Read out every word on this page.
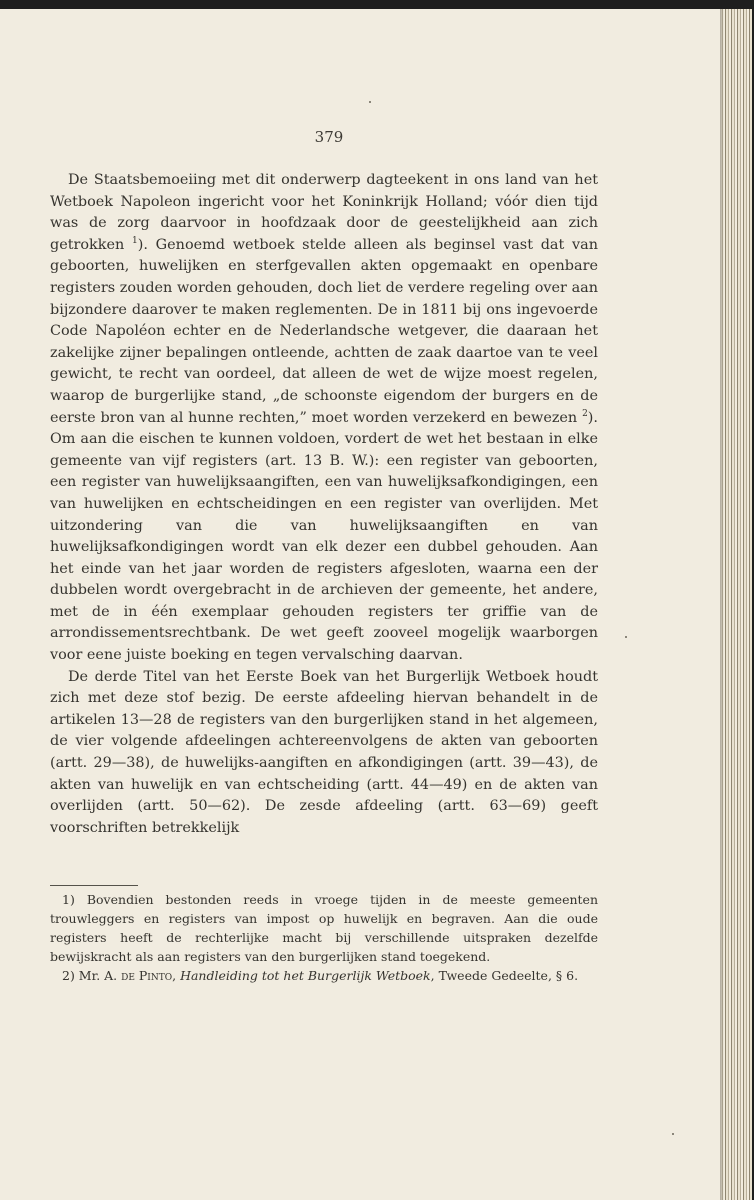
379

De Staatsbemoeiing met dit onderwerp dagteekent in ons land van het Wetboek Napoleon ingericht voor het Koninkrijk Holland; vóór dien tijd was de zorg daarvoor in hoofdzaak door de geestelijkheid aan zich getrokken $^1$). Genoemd wetboek stelde alleen als beginsel vast dat van geboorten, huwelijken en sterfgevallen akten opgemaakt en openbare registers zouden worden gehouden, doch liet de verdere regeling over aan bijzondere daarover te maken reglementen. De in 1811 bij ons ingevoerde Code Napoléon echter en de Nederlandsche wetgever, die daaraan het zakelijke zijner bepalingen ontleende, achtten de zaak daartoe van te veel gewicht, te recht van oordeel, dat alleen de wet de wijze moest regelen, waarop de burgerlijke stand, „de schoonste eigendom der burgers en de eerste bron van al hunne rechten,” moet worden verzekerd en bewezen $^2$). Om aan die eischen te kunnen voldoen, vordert de wet het bestaan in elke gemeente van vijf registers (art. 13 B. W.): een register van geboorten, een register van huwelijksaangiften, een van huwelijksafkondigingen, een van huwelijken en echtscheidingen en een register van overlijden. Met uitzondering van die van huwelijksaangiften en van huwelijksafkondigingen wordt van elk dezer een dubbel gehouden. Aan het einde van het jaar worden de registers afgesloten, waarna een der dubbelen wordt overgebracht in de archieven der gemeente, het andere, met de in één exemplaar gehouden registers ter griffie van de arrondissementsrechtbank. De wet geeft zooveel mogelijk waarborgen voor eene juiste boeking en tegen vervalsching daarvan.

De derde Titel van het Eerste Boek van het Burgerlijk Wetboek houdt zich met deze stof bezig. De eerste afdeeling hiervan behandelt in de artikelen 13—28 de registers van den burgerlijken stand in het algemeen, de vier volgende afdeelingen achtereenvolgens de akten van geboorten (artt. 29—38), de huwelijks-aangiften en afkondigingen (artt. 39—43), de akten van huwelijk en van echtscheiding (artt. 44—49) en de akten van overlijden (artt. 50—62). De zesde afdeeling (artt. 63—69) geeft voorschriften betrekkelijk

1) Bovendien bestonden reeds in vroege tijden in de meeste gemeenten trouwleggers en registers van impost op huwelijk en begraven. Aan die oude registers heeft de rechterlijke macht bij verschillende uitspraken dezelfde bewijskracht als aan registers van den burgerlijken stand toegekend.

2) Mr. A. de Pinto, Handleiding tot het Burgerlijk Wetboek, Tweede Gedeelte, § 6.
